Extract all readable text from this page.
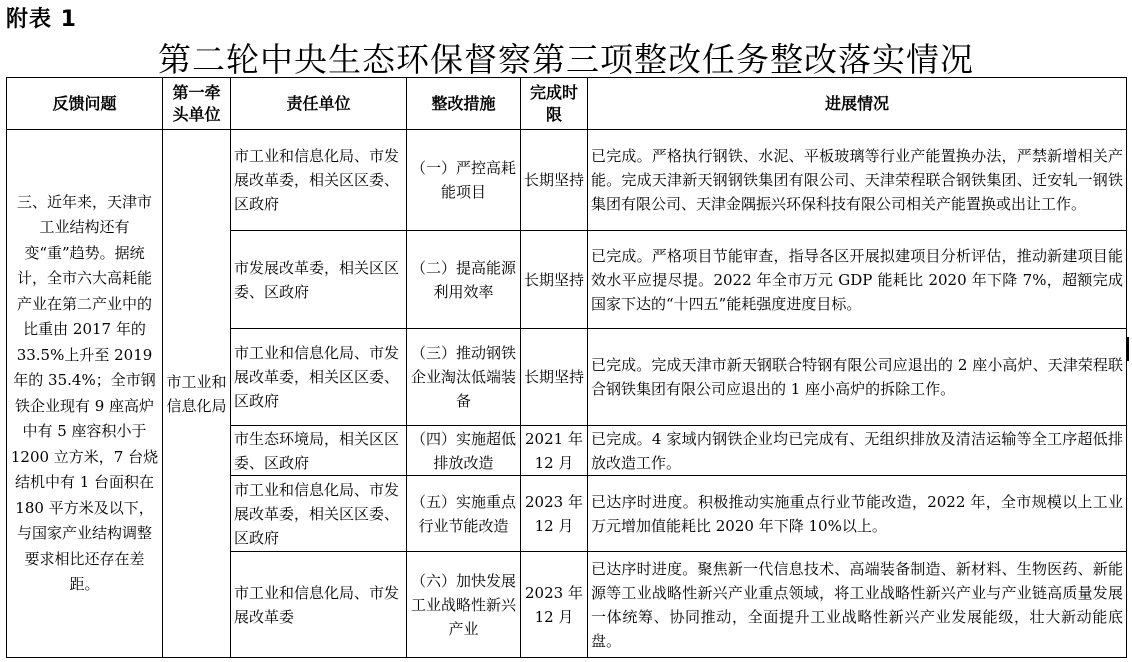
附表 1
第二轮中央生态环保督察第三项整改任务整改落实情况
反馈问题	第一牵头单位	责任单位	整改措施	完成时限	进展情况
三、近年来，天津市工业结构还有变“重”趋势。据统计，全市六大高耗能产业在第二产业中的比重由 2017 年的 33.5%上升至 2019 年的 35.4%；全市钢铁企业现有 9 座高炉中有 5 座容积小于 1200 立方米，7 台烧结机中有 1 台面积在 180 平方米及以下，与国家产业结构调整要求相比还存在差距。	市工业和信息化局	市工业和信息化局、市发展改革委，相关区区委、区政府	（一）严控高耗能项目	长期坚持	已完成。严格执行钢铁、水泥、平板玻璃等行业产能置换办法，严禁新增相关产能。完成天津新天钢钢铁集团有限公司、天津荣程联合钢铁集团、迁安轧一钢铁集团有限公司、天津金隅振兴环保科技有限公司相关产能置换或出让工作。
		市发展改革委，相关区区委、区政府	（二）提高能源利用效率	长期坚持	已完成。严格项目节能审查，指导各区开展拟建项目分析评估，推动新建项目能效水平应提尽提。2022 年全市万元 GDP 能耗比 2020 年下降 7%，超额完成国家下达的“十四五”能耗强度进度目标。
		市工业和信息化局、市发展改革委，相关区区委、区政府	（三）推动钢铁企业淘汰低端装备	长期坚持	已完成。完成天津市新天钢联合特钢有限公司应退出的 2 座小高炉、天津荣程联合钢铁集团有限公司应退出的 1 座小高炉的拆除工作。
		市生态环境局，相关区区委、区政府	（四）实施超低排放改造	2021 年 12 月	已完成。4 家域内钢铁企业均已完成有、无组织排放及清洁运输等全工序超低排放改造工作。
		市工业和信息化局、市发展改革委，相关区区委、区政府	（五）实施重点行业节能改造	2023 年 12 月	已达序时进度。积极推动实施重点行业节能改造，2022 年，全市规模以上工业万元增加值能耗比 2020 年下降 10%以上。
		市工业和信息化局、市发展改革委	（六）加快发展工业战略性新兴产业	2023 年 12 月	已达序时进度。聚焦新一代信息技术、高端装备制造、新材料、生物医药、新能源等工业战略性新兴产业重点领域，将工业战略性新兴产业与产业链高质量发展一体统筹、协同推动，全面提升工业战略性新兴产业发展能级，壮大新动能底盘。
